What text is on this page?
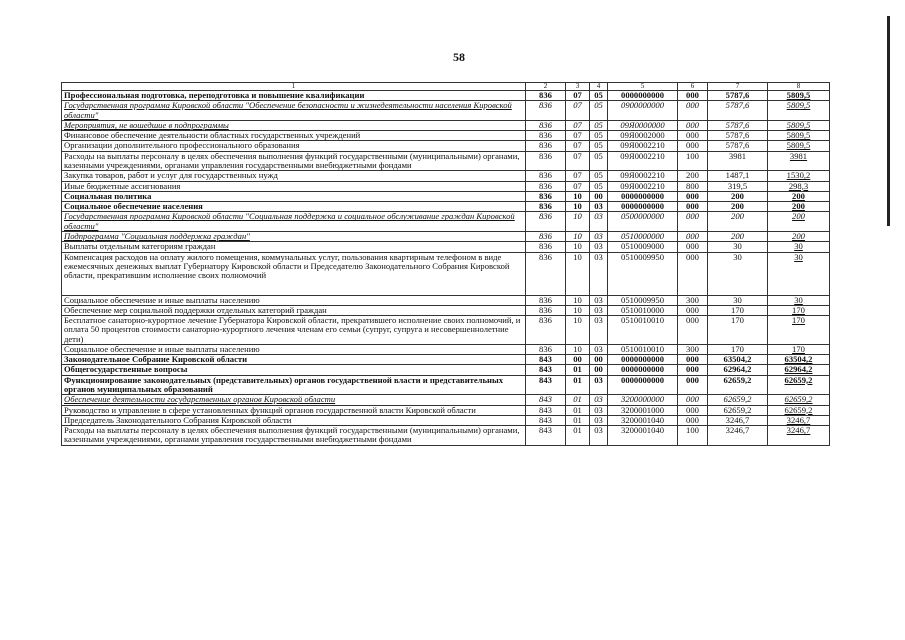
58
1	2	3	4	5	6	7	8
Профессиональная подготовка, переподготовка и повышение квалификации	836	07	05	0000000000	000	5787,6	5809,5
Государственная программа Кировской области "Обеспечение безопасности и жизнедеятельности населения Кировской области"	836	07	05	0900000000	000	5787,6	5809,5
Мероприятия, не вошедшие в подпрограммы	836	07	05	09Я0000000	000	5787,6	5809,5
Финансовое обеспечение деятельности областных государственных учреждений	836	07	05	09Я0002000	000	5787,6	5809,5
Организации дополнительного профессионального образования	836	07	05	09Я0002210	000	5787,6	5809,5
Расходы на выплаты персоналу в целях обеспечения выполнения функций государственными (муниципальными) органами, казенными учреждениями, органами управления государственными внебюджетными фондами	836	07	05	09Я0002210	100	3981	3981
Закупка товаров, работ и услуг для государственных нужд	836	07	05	09Я0002210	200	1487,1	1530,2
Иные бюджетные ассигнования	836	07	05	09Я0002210	800	319,5	298,3
Социальная политика	836	10	00	0000000000	000	200	200
Социальное обеспечение населения	836	10	03	0000000000	000	200	200
Государственная программа Кировской области "Социальная поддержка и социальное обслуживание граждан Кировской области"	836	10	03	0500000000	000	200	200
Подпрограмма "Социальная поддержка граждан"	836	10	03	0510000000	000	200	200
Выплаты отдельным категориям граждан	836	10	03	0510009000	000	30	30
Компенсация расходов на оплату жилого помещения, коммунальных услуг, пользования квартирным телефоном в виде ежемесячных денежных выплат Губернатору Кировской области и Председателю Законодательного Собрания Кировской области, прекратившим исполнение своих полномочий	836	10	03	0510009950	000	30	30
Социальное обеспечение и иные выплаты населению	836	10	03	0510009950	300	30	30
Обеспечение мер социальной поддержки отдельных категорий граждан	836	10	03	0510010000	000	170	170
Бесплатное санаторно-курортное лечение Губернатора Кировской области, прекратившего исполнение своих полномочий, и оплата 50 процентов стоимости санаторно-курортного лечения членам его семьи (супруг, супруга и несовершеннолетние дети)	836	10	03	0510010010	000	170	170
Социальное обеспечение и иные выплаты населению	836	10	03	0510010010	300	170	170
Законодательное Собрание Кировской области	843	00	00	0000000000	000	63504,2	63504,2
Общегосударственные вопросы	843	01	00	0000000000	000	62964,2	62964,2
Функционирование законодательных (представительных) органов государственной власти и представительных органов муниципальных образований	843	01	03	0000000000	000	62659,2	62659,2
Обеспечение деятельности государственных органов Кировской области	843	01	03	3200000000	000	62659,2	62659,2
Руководство и управление в сфере установленных функций органов государственной власти Кировской области	843	01	03	3200001000	000	62659,2	62659,2
Председатель Законодательного Собрания Кировской области	843	01	03	3200001040	000	3246,7	3246,7
Расходы на выплаты персоналу в целях обеспечения выполнения функций государственными (муниципальными) органами, казенными учреждениями, органами управления государственными внебюджетными фондами	843	01	03	3200001040	100	3246,7	3246,7
